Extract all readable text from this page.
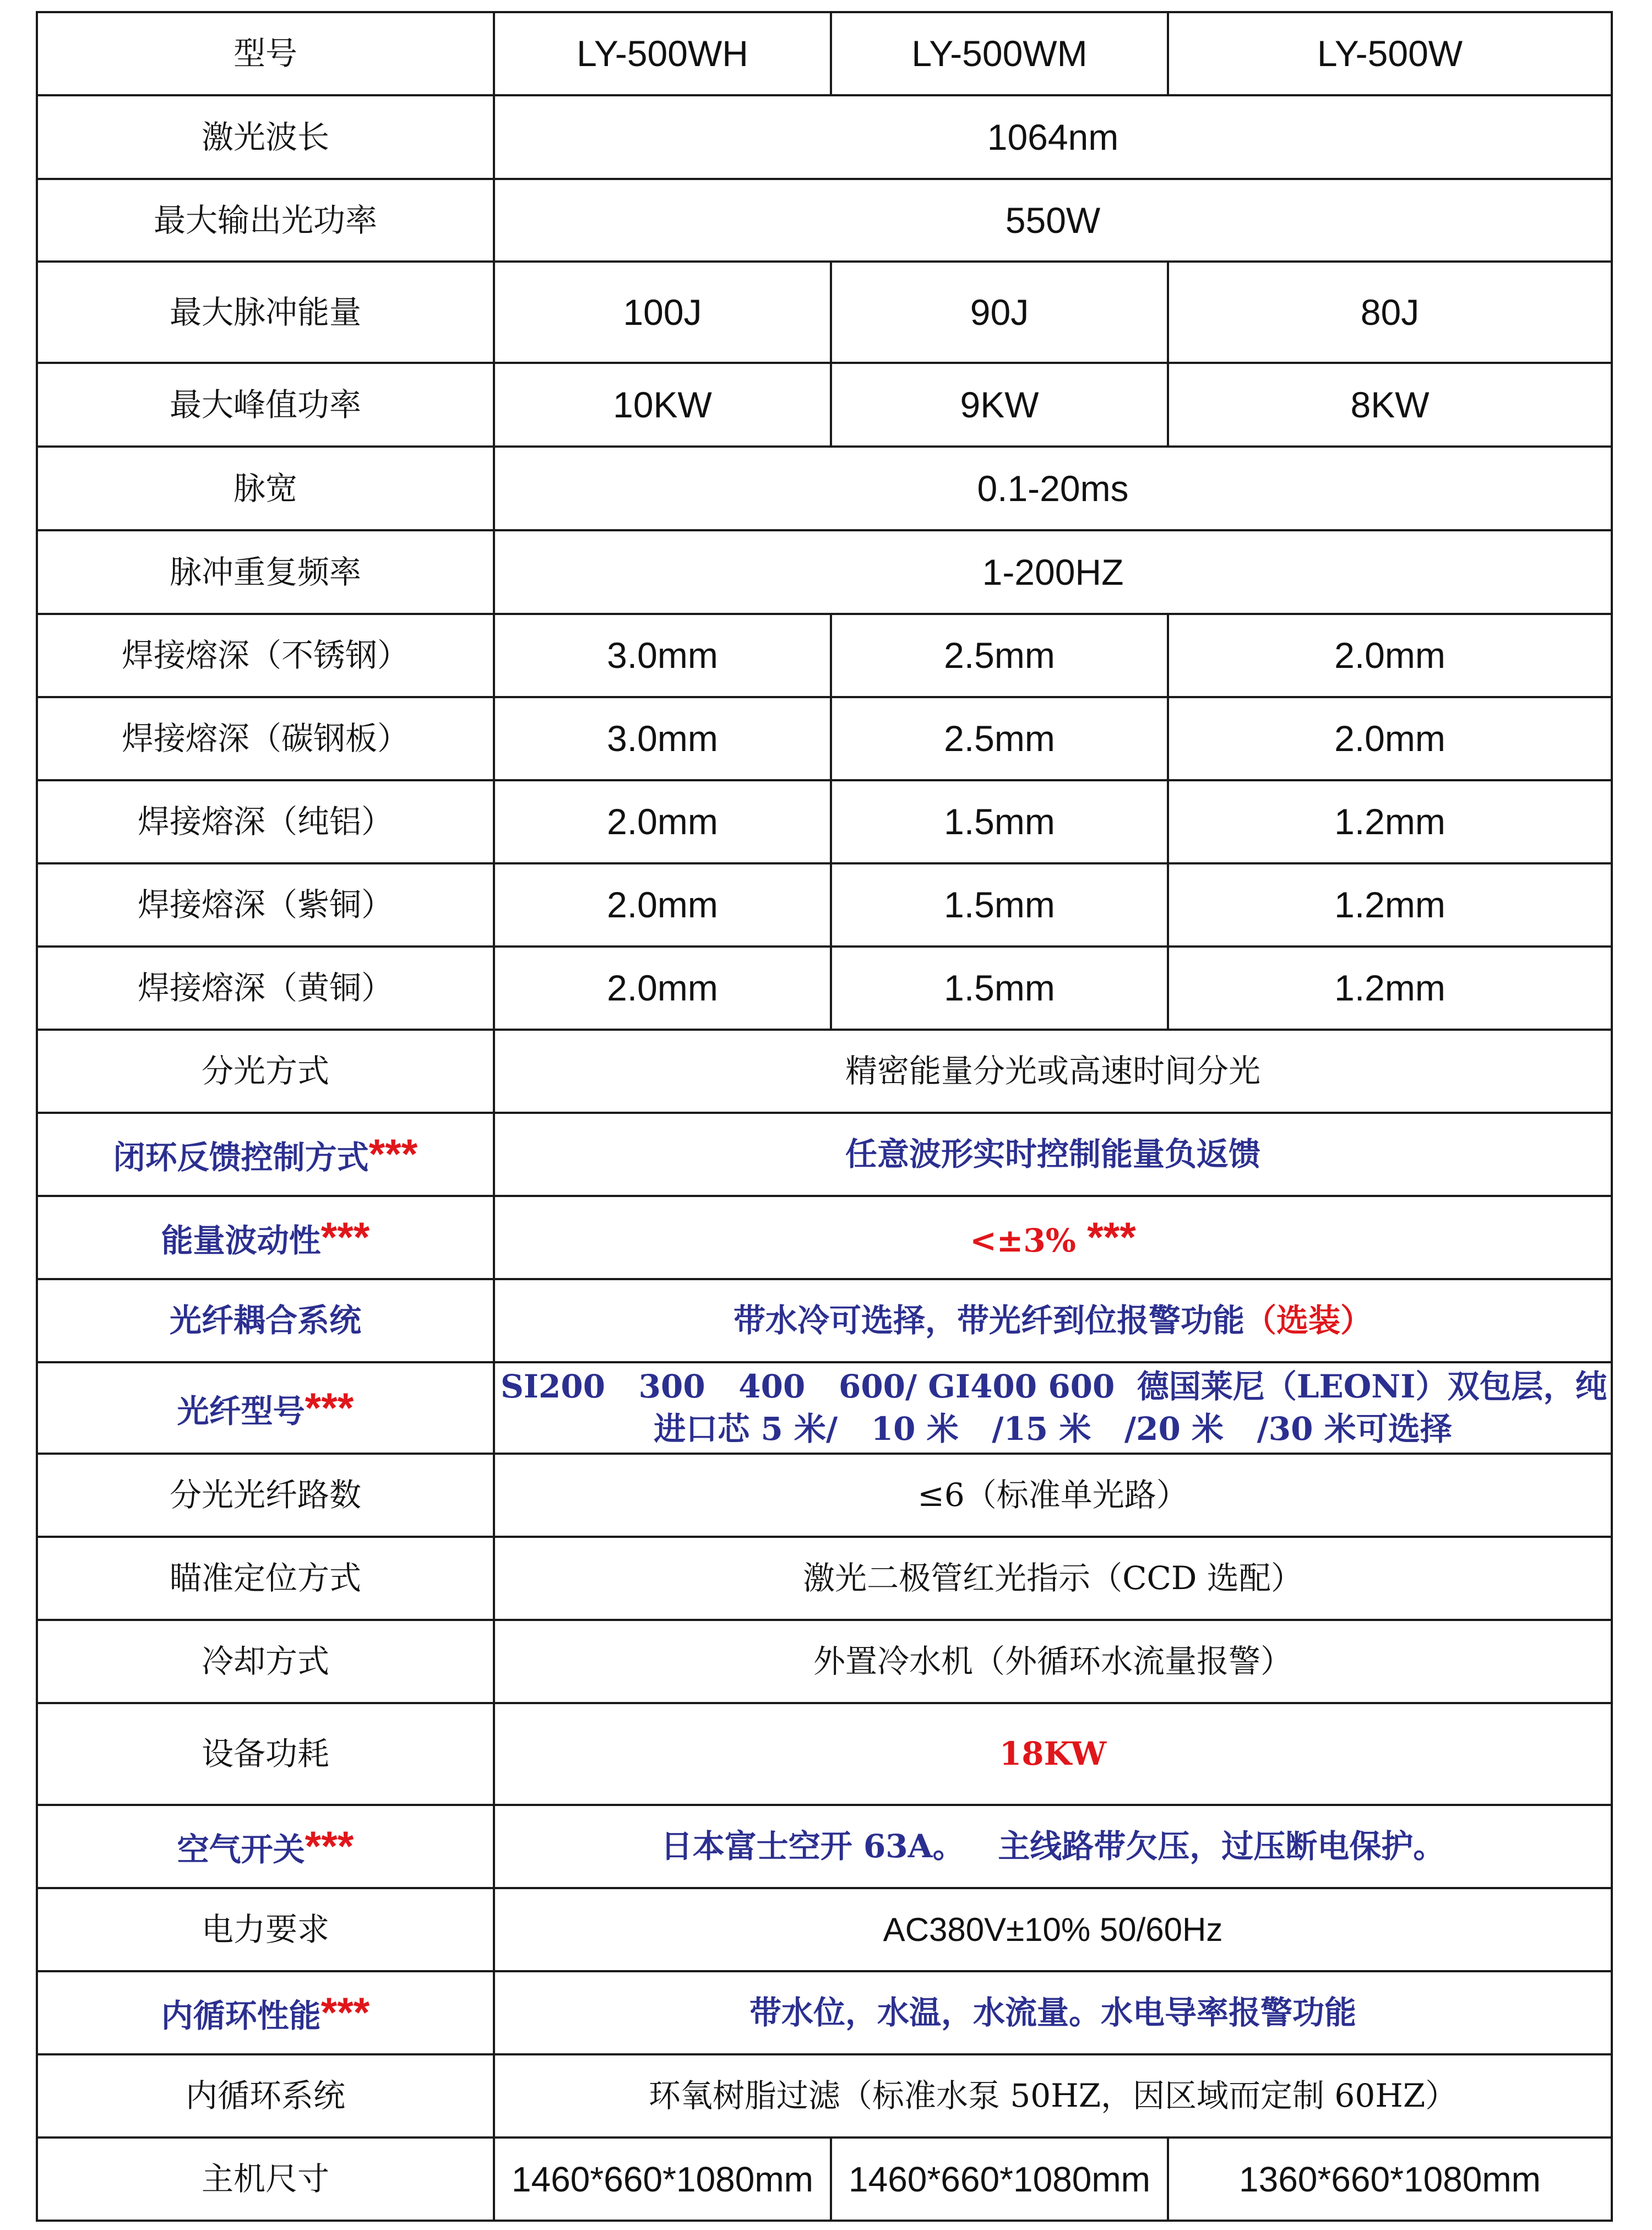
型号	LY-500WH	LY-500WM	LY-500W
激光波长	1064nm		
最大输出光功率	550W		
最大脉冲能量	100J	90J	80J
最大峰值功率	10KW	9KW	8KW
脉宽	0.1-20ms		
脉冲重复频率	1-200HZ		
焊接熔深（不锈钢）	3.0mm	2.5mm	2.0mm
焊接熔深（碳钢板）	3.0mm	2.5mm	2.0mm
焊接熔深（纯铝）	2.0mm	1.5mm	1.2mm
焊接熔深（紫铜）	2.0mm	1.5mm	1.2mm
焊接熔深（黄铜）	2.0mm	1.5mm	1.2mm
分光方式	精密能量分光或高速时间分光		
闭环反馈控制方式***	任意波形实时控制能量负返馈		
能量波动性***	<±3% ***		
光纤耦合系统	带水冷可选择，带光纤到位报警功能（选装）		
光纤型号***	SI200   300   400   600/ GI400 600  德国莱尼（LEONI）双包层，纯
进口芯 5 米/   10 米   /15 米   /20 米   /30 米可选择		

分光光纤路数	≤6（标准单光路）		
瞄准定位方式	激光二极管红光指示（CCD 选配）		
冷却方式	外置冷水机（外循环水流量报警）		
设备功耗	18KW		
空气开关***	日本富士空开 63A。   主线路带欠压，过压断电保护。		
电力要求	AC380V±10% 50/60Hz		
内循环性能***	带水位，水温，水流量。水电导率报警功能		
内循环系统	环氧树脂过滤（标准水泵 50HZ，因区域而定制 60HZ）		
主机尺寸	1460*660*1080mm	1460*660*1080mm	1360*660*1080mm
